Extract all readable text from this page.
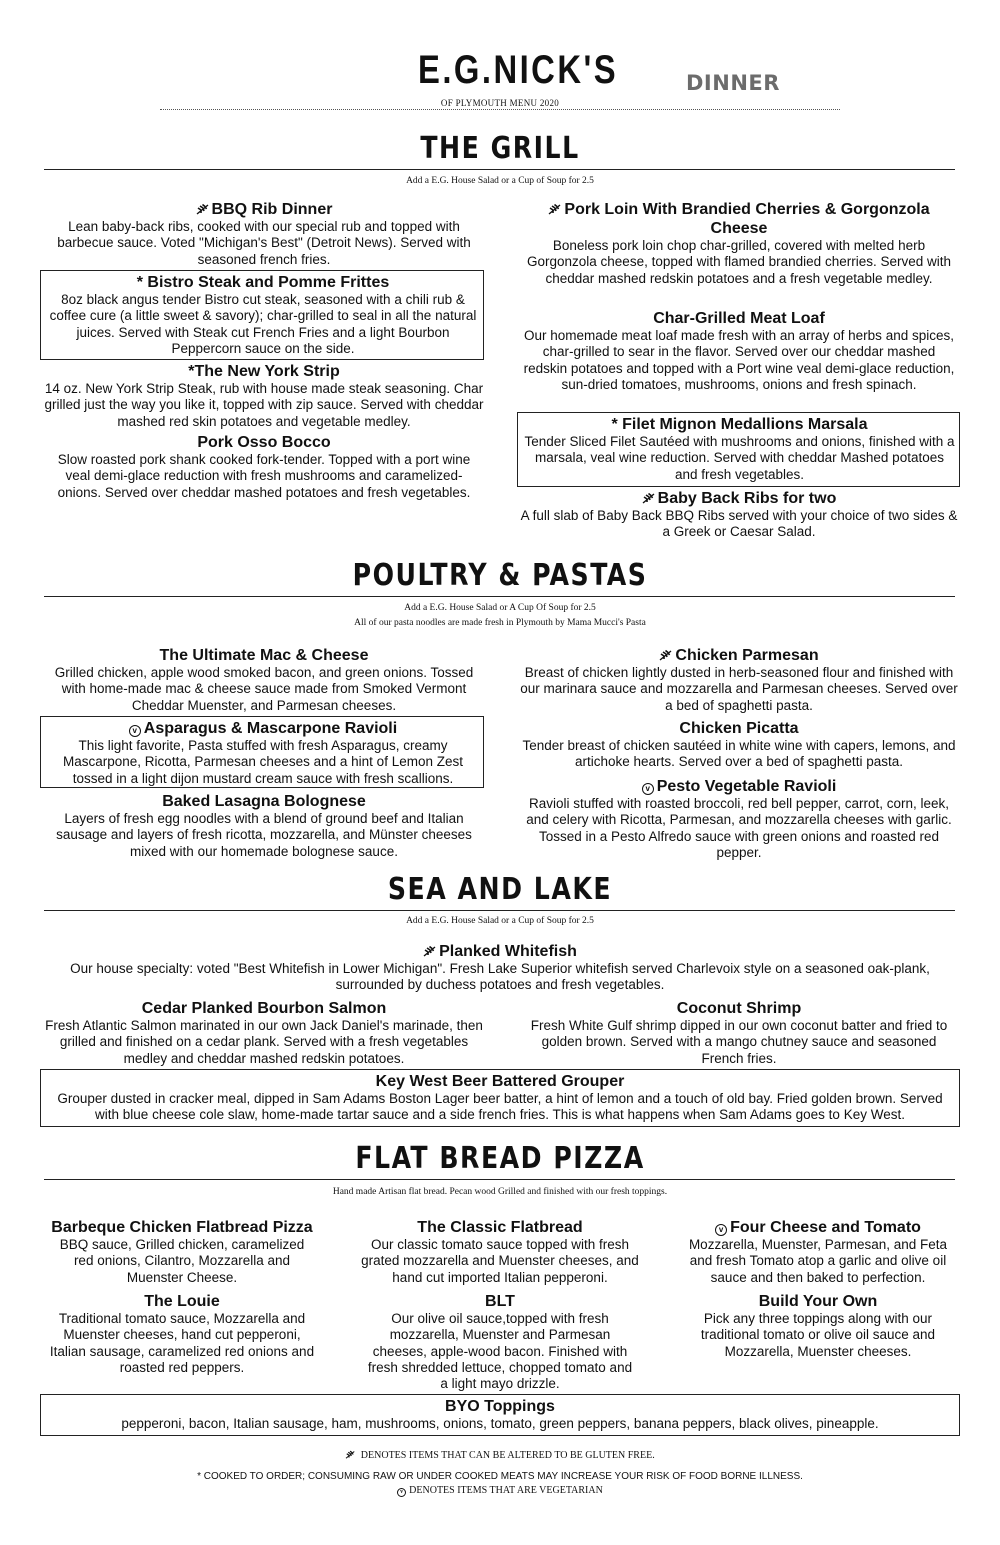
E.G.NICK'S
OF PLYMOUTH MENU 2020
DINNER
THE GRILL
Add a E.G. House Salad or a Cup of Soup for 2.5
BBQ Rib Dinner
Lean baby-back ribs, cooked with our special rub and topped with barbecue sauce. Voted "Michigan's Best" (Detroit News). Served with seasoned french fries.
* Bistro Steak and Pomme Frittes
8oz black angus tender Bistro cut steak, seasoned with a chili rub & coffee cure (a little sweet & savory); char-grilled to seal in all the natural juices. Served with Steak cut French Fries and a light Bourbon Peppercorn sauce on the side.
*The New York Strip
14 oz. New York Strip Steak, rub with house made steak seasoning. Char grilled just the way you like it, topped with zip sauce. Served with cheddar mashed red skin potatoes and vegetable medley.
Pork Osso Bocco
Slow roasted pork shank cooked fork-tender. Topped with a port wine veal demi-glace reduction with fresh mushrooms and caramelized-onions. Served over cheddar mashed potatoes and fresh vegetables.
Pork Loin With Brandied Cherries & Gorgonzola Cheese
Boneless pork loin chop char-grilled, covered with melted herb Gorgonzola cheese, topped with flamed brandied cherries. Served with cheddar mashed redskin potatoes and a fresh vegetable medley.
Char-Grilled Meat Loaf
Our homemade meat loaf made fresh with an array of herbs and spices, char-grilled to sear in the flavor. Served over our cheddar mashed redskin potatoes and topped with a Port wine veal demi-glace reduction, sun-dried tomatoes, mushrooms, onions and fresh spinach.
* Filet Mignon Medallions Marsala
Tender Sliced Filet Sautéed with mushrooms and onions, finished with a marsala, veal wine reduction. Served with cheddar Mashed potatoes and fresh vegetables.
Baby Back Ribs for two
A full slab of Baby Back BBQ Ribs served with your choice of two sides & a Greek or Caesar Salad.
POULTRY & PASTAS
Add a E.G. House Salad or A Cup Of Soup for 2.5
All of our pasta noodles are made fresh in Plymouth by Mama Mucci's Pasta
The Ultimate Mac & Cheese
Grilled chicken, apple wood smoked bacon, and green onions. Tossed with home-made mac & cheese sauce made from Smoked Vermont Cheddar Muenster, and Parmesan cheeses.
v Asparagus & Mascarpone Ravioli
This light favorite, Pasta stuffed with fresh Asparagus, creamy Mascarpone, Ricotta, Parmesan cheeses and a hint of Lemon Zest tossed in a light dijon mustard cream sauce with fresh scallions.
Baked Lasagna Bolognese
Layers of fresh egg noodles with a blend of ground beef and Italian sausage and layers of fresh ricotta, mozzarella, and Münster cheeses mixed with our homemade bolognese sauce.
Chicken Parmesan
Breast of chicken lightly dusted in herb-seasoned flour and finished with our marinara sauce and mozzarella and Parmesan cheeses. Served over a bed of spaghetti pasta.
Chicken Picatta
Tender breast of chicken sautéed in white wine with capers, lemons, and artichoke hearts. Served over a bed of spaghetti pasta.
v Pesto Vegetable Ravioli
Ravioli stuffed with roasted broccoli, red bell pepper, carrot, corn, leek, and celery with Ricotta, Parmesan, and mozzarella cheeses with garlic. Tossed in a Pesto Alfredo sauce with green onions and roasted red pepper.
SEA AND LAKE
Add a E.G. House Salad or a Cup of Soup for 2.5
Planked Whitefish
Our house specialty: voted "Best Whitefish in Lower Michigan". Fresh Lake Superior whitefish served Charlevoix style on a seasoned oak-plank, surrounded by duchess potatoes and fresh vegetables.
Cedar Planked Bourbon Salmon
Fresh Atlantic Salmon marinated in our own Jack Daniel's marinade, then grilled and finished on a cedar plank. Served with a fresh vegetables medley and cheddar mashed redskin potatoes.
Coconut Shrimp
Fresh White Gulf shrimp dipped in our own coconut batter and fried to golden brown. Served with a mango chutney sauce and seasoned French fries.
Key West Beer Battered Grouper
Grouper dusted in cracker meal, dipped in Sam Adams Boston Lager beer batter, a hint of lemon and a touch of old bay. Fried golden brown. Served with blue cheese cole slaw, home-made tartar sauce and a side french fries. This is what happens when Sam Adams goes to Key West.
FLAT BREAD PIZZA
Hand made Artisan flat bread. Pecan wood Grilled and finished with our fresh toppings.
Barbeque Chicken Flatbread Pizza
BBQ sauce, Grilled chicken, caramelized red onions, Cilantro, Mozzarella and Muenster Cheese.
The Classic Flatbread
Our classic tomato sauce topped with fresh grated mozzarella and Muenster cheeses, and hand cut imported Italian pepperoni.
v Four Cheese and Tomato
Mozzarella, Muenster, Parmesan, and Feta and fresh Tomato atop a garlic and olive oil sauce and then baked to perfection.
The Louie
Traditional tomato sauce, Mozzarella and Muenster cheeses, hand cut pepperoni, Italian sausage, caramelized red onions and roasted red peppers.
BLT
Our olive oil sauce,topped with fresh mozzarella, Muenster and Parmesan cheeses, apple-wood bacon. Finished with fresh shredded lettuce, chopped tomato and a light mayo drizzle.
Build Your Own
Pick any three toppings along with our traditional tomato or olive oil sauce and Mozzarella, Muenster cheeses.
BYO Toppings
pepperoni, bacon, Italian sausage, ham, mushrooms, onions, tomato, green peppers, banana peppers, black olives, pineapple.
DENOTES ITEMS THAT CAN BE ALTERED TO BE GLUTEN FREE.
* COOKED TO ORDER; CONSUMING RAW OR UNDER COOKED MEATS MAY INCREASE YOUR RISK OF FOOD BORNE ILLNESS.
v DENOTES ITEMS THAT ARE VEGETARIAN
